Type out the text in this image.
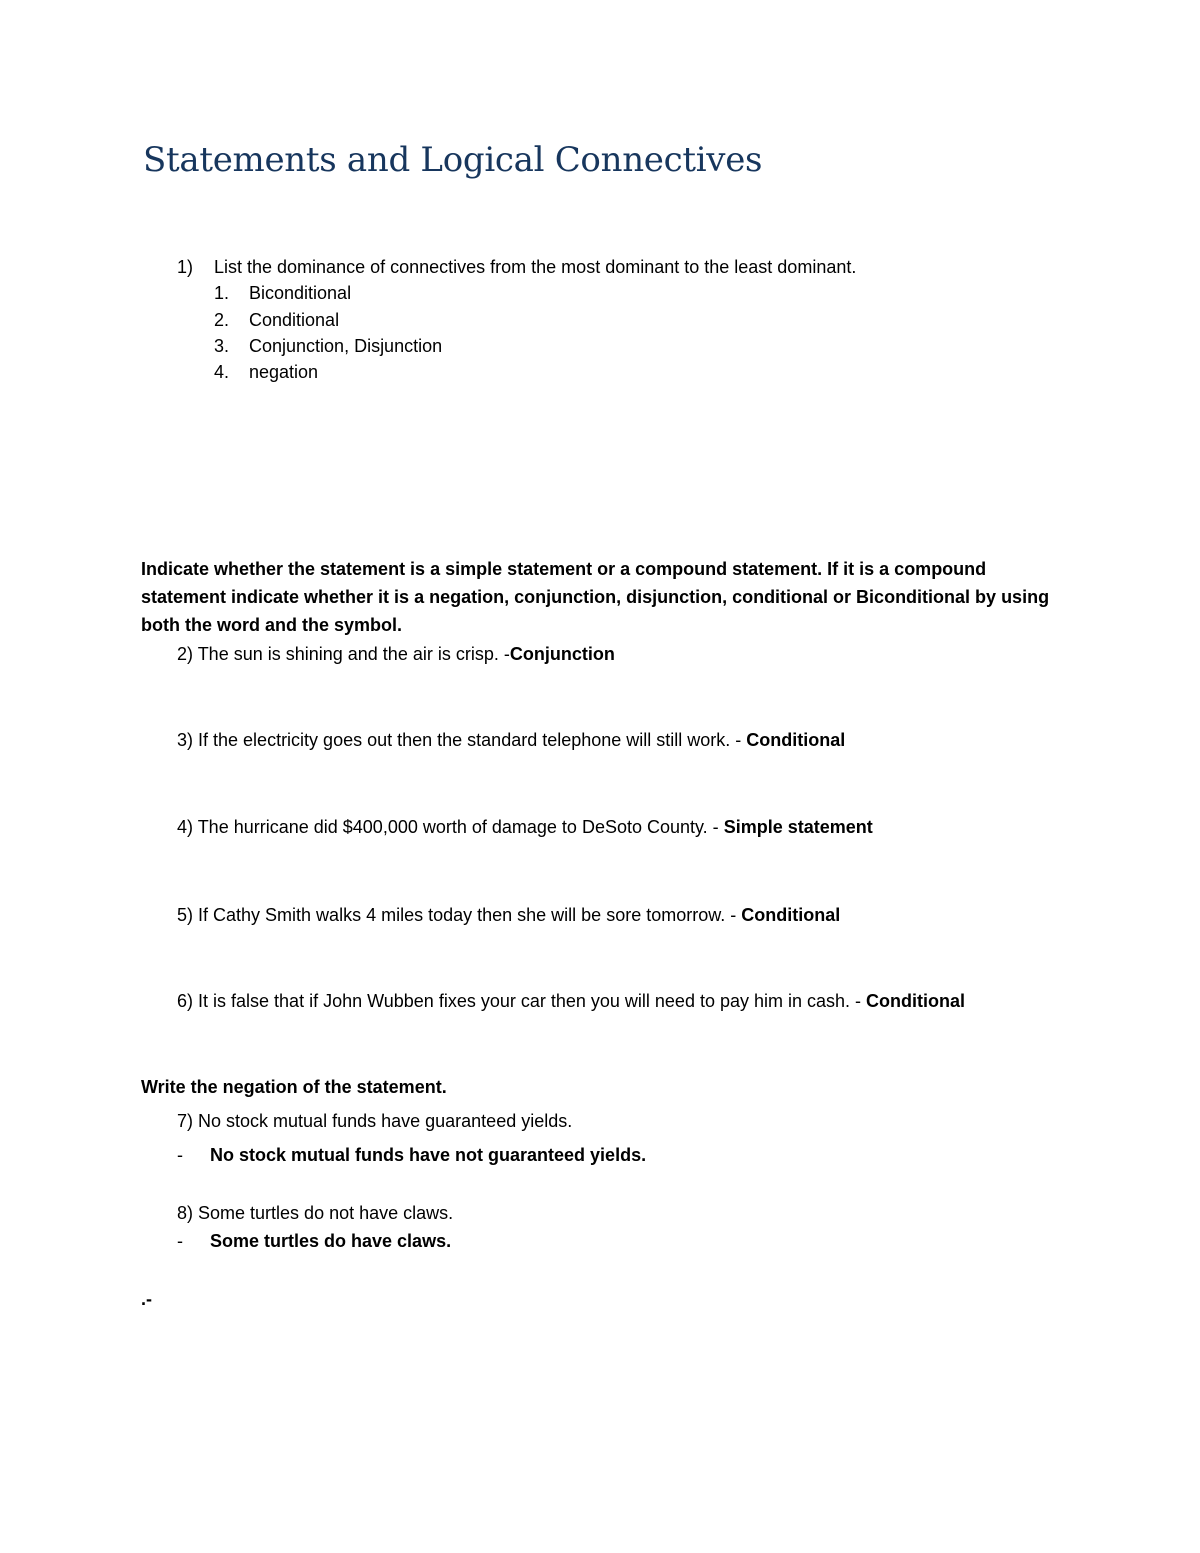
Statements and Logical Connectives
1) List the dominance of connectives from the most dominant to the least dominant.
1. Biconditional
2. Conditional
3. Conjunction, Disjunction
4. negation
Indicate whether the statement is a simple statement or a compound statement. If it is a compound statement indicate whether it is a negation, conjunction, disjunction, conditional or Biconditional by using both the word and the symbol.
2) The sun is shining and the air is crisp. -Conjunction
3) If the electricity goes out then the standard telephone will still work. - Conditional
4) The hurricane did $400,000 worth of damage to DeSoto County. - Simple statement
5) If Cathy Smith walks 4 miles today then she will be sore tomorrow. - Conditional
6) It is false that if John Wubben fixes your car then you will need to pay him in cash. - Conditional
Write the negation of the statement.
7) No stock mutual funds have guaranteed yields.
- No stock mutual funds have not guaranteed yields.
8) Some turtles do not have claws.
- Some turtles do have claws.
.-
